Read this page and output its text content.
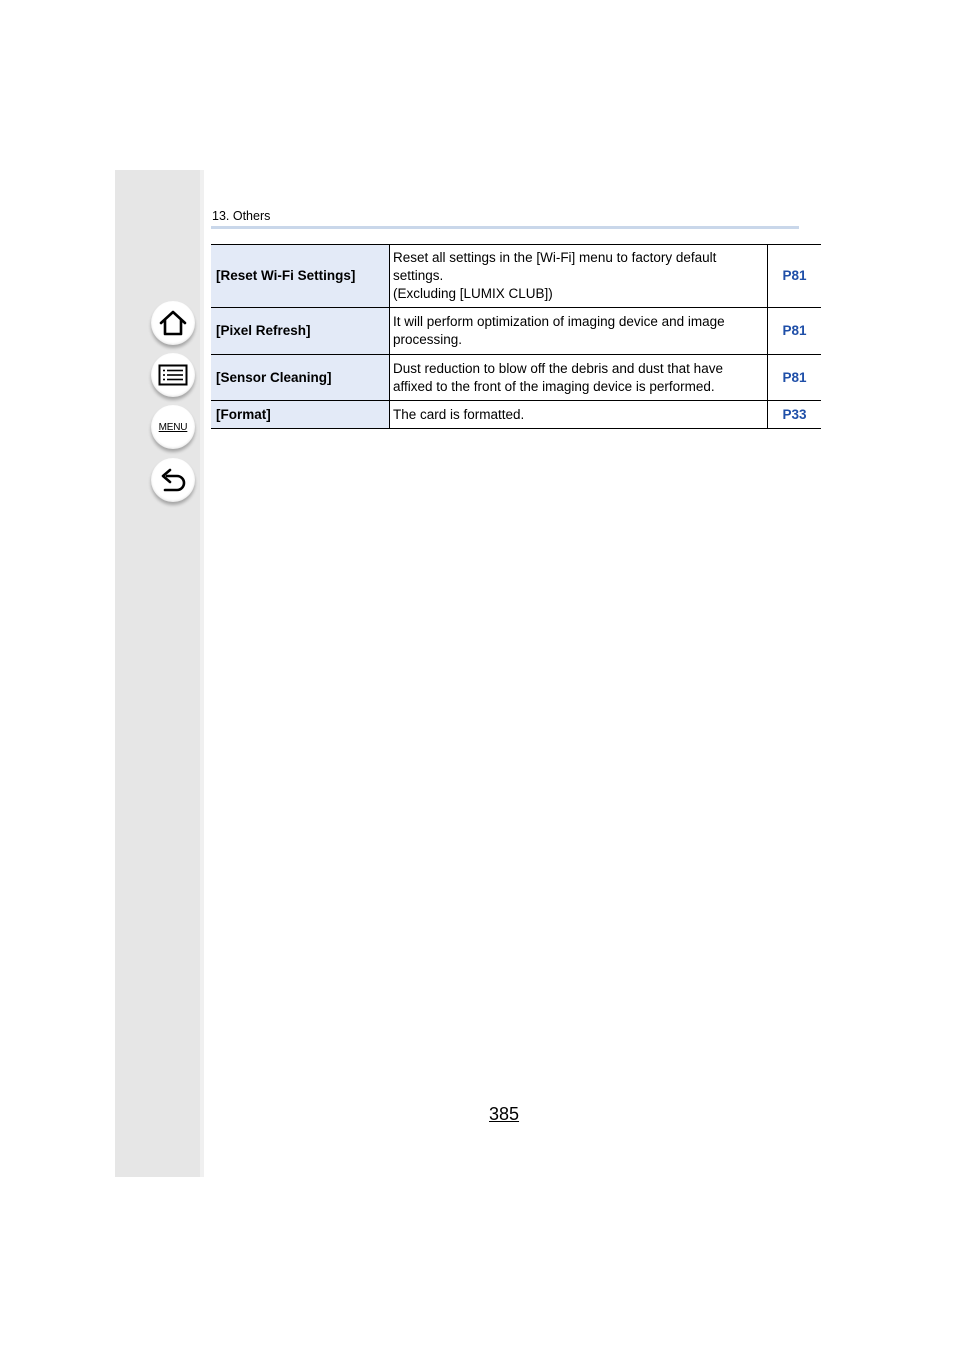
MENU
13. Others
[Reset Wi-Fi Settings]	Reset all settings in the [Wi-Fi] menu to factory default
settings.
(Excluding [LUMIX CLUB])	P81
[Pixel Refresh]	It will perform optimization of imaging device and image
processing.	P81
[Sensor Cleaning]	Dust reduction to blow off the debris and dust that have
affixed to the front of the imaging device is performed.	P81
[Format]	The card is formatted.	P33
385
